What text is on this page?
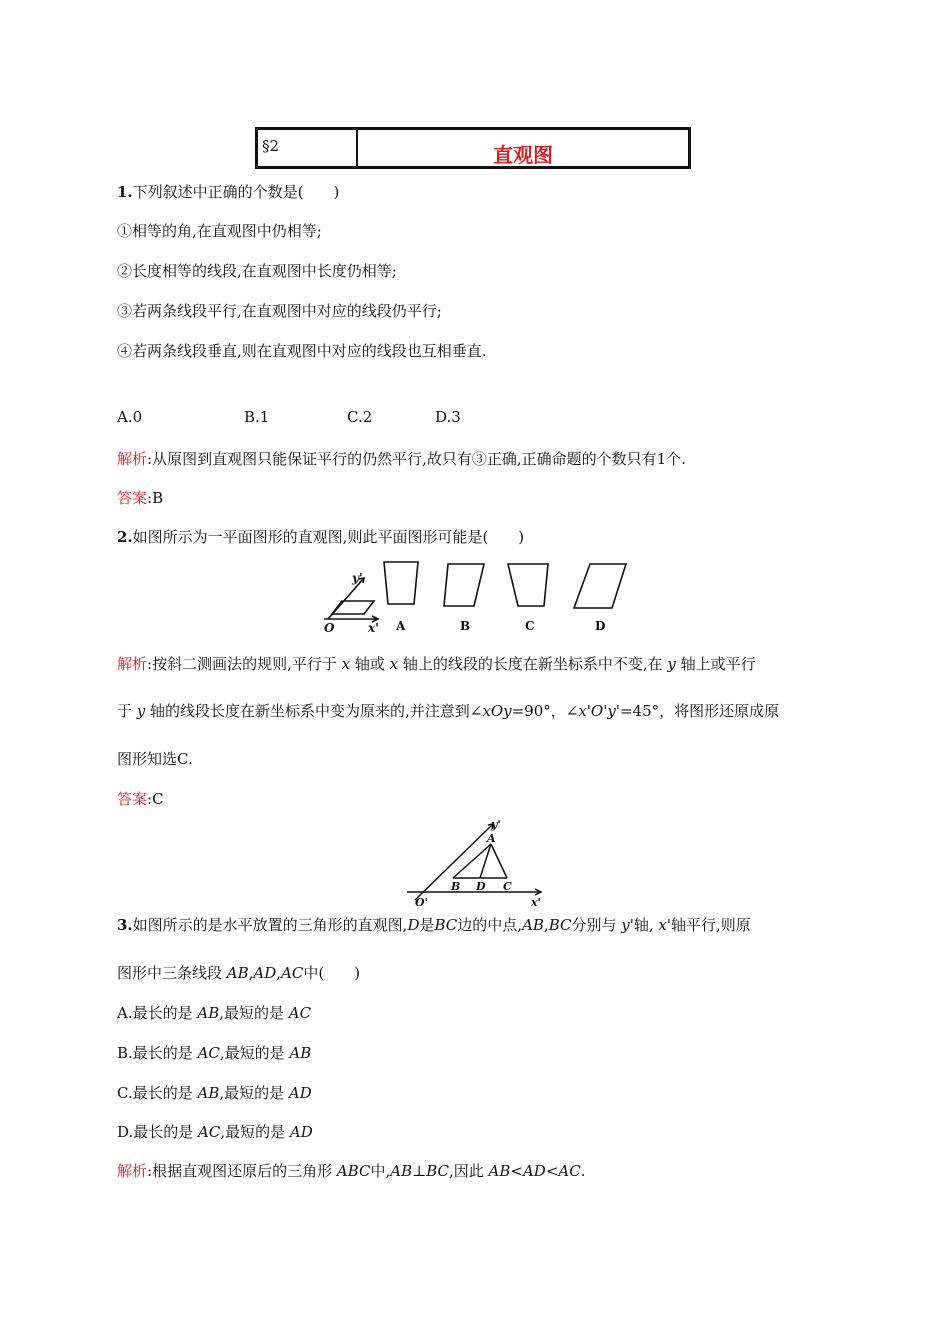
§2	直观图
1.下列叙述中正确的个数是(　　)
①相等的角,在直观图中仍相等;
②长度相等的线段,在直观图中长度仍相等;
③若两条线段平行,在直观图中对应的线段仍平行;
④若两条线段垂直,则在直观图中对应的线段也互相垂直.
A.0	B.1	C.2	D.3
解析:从原图到直观图只能保证平行的仍然平行,故只有③正确,正确命题的个数只有1个.
答案:B
2.如图所示为一平面图形的直观图,则此平面图形可能是(　　)
y'
O	x' A	B	C	D
解析:按斜二测画法的规则,平行于 x 轴或 x 轴上的线段的长度在新坐标系中不变,在 y 轴上或平行
于 y 轴的线段长度在新坐标系中变为原来的,并注意到∠xOy=90°，∠x'O'y'=45°，将图形还原成原
图形知选C.
答案:C
y'
A
B D C
O'	x'
3.如图所示的是水平放置的三角形的直观图,D是BC边的中点,AB,BC分别与 y'轴, x'轴平行,则原
图形中三条线段 AB,AD,AC中(　　)
A.最长的是 AB,最短的是 AC
B.最长的是 AC,最短的是 AB
C.最长的是 AB,最短的是 AD
D.最长的是 AC,最短的是 AD
解析:根据直观图还原后的三角形 ABC中,AB⊥BC,因此 AB<AD<AC.
